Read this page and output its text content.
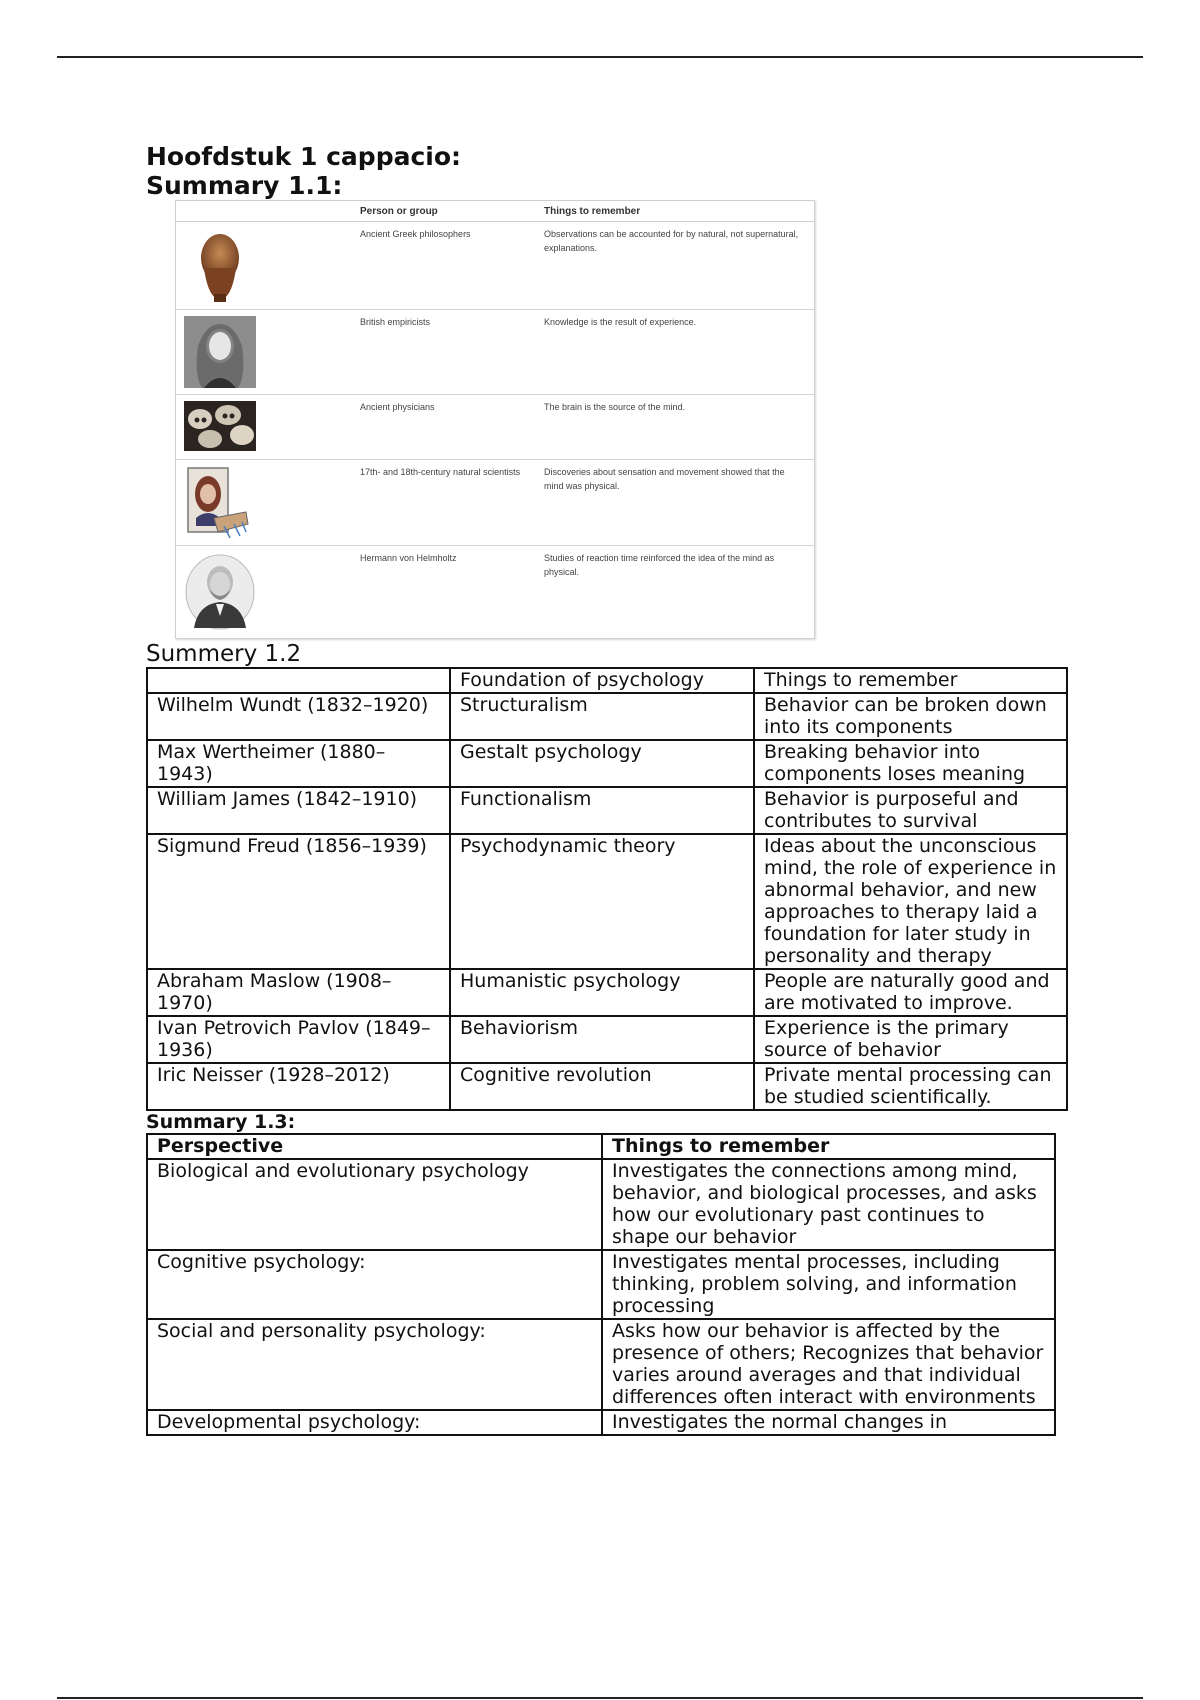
Hoofdstuk 1 cappacio:
Summary 1.1:
Person or group	Things to remember
Ancient Greek philosophers	Observations can be accounted for by natural, not supernatural, explanations.
British empiricists	Knowledge is the result of experience.
Ancient physicians	The brain is the source of the mind.
17th- and 18th-century natural scientists	Discoveries about sensation and movement showed that the mind was physical.
Hermann von Helmholtz	Studies of reaction time reinforced the idea of the mind as physical.

Summery 1.2

	Foundation of psychology	Things to remember
Wilhelm Wundt (1832–1920)	Structuralism	Behavior can be broken down into its components
Max Wertheimer (1880–1943)	Gestalt psychology	Breaking behavior into components loses meaning
William James (1842–1910)	Functionalism	Behavior is purposeful and contributes to survival
Sigmund Freud (1856–1939)	Psychodynamic theory	Ideas about the unconscious mind, the role of experience in abnormal behavior, and new approaches to therapy laid a foundation for later study in personality and therapy
Abraham Maslow (1908–1970)	Humanistic psychology	People are naturally good and are motivated to improve.
Ivan Petrovich Pavlov (1849–1936)	Behaviorism	Experience is the primary source of behavior
Iric Neisser (1928–2012)	Cognitive revolution	Private mental processing can be studied scientifically.

Summary 1.3:

Perspective	Things to remember
Biological and evolutionary psychology	Investigates the connections among mind, behavior, and biological processes, and asks how our evolutionary past continues to shape our behavior
Cognitive psychology:	Investigates mental processes, including thinking, problem solving, and information processing
Social and personality psychology:	Asks how our behavior is affected by the presence of others; Recognizes that behavior varies around averages and that individual differences often interact with environments
Developmental psychology:	Investigates the normal changes in
